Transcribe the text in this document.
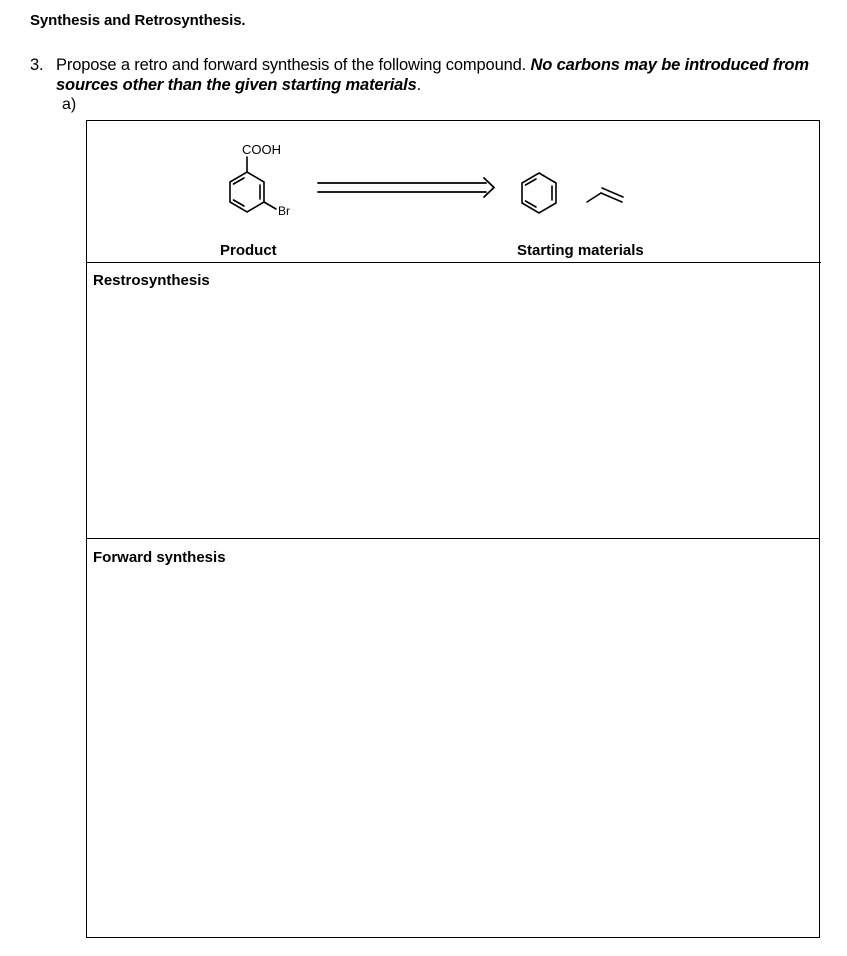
Synthesis and Retrosynthesis.
3. Propose a retro and forward synthesis of the following compound. No carbons may be introduced from sources other than the given starting materials.
a)
COOH
Br
Product	Starting materials
Restrosynthesis
Forward synthesis
